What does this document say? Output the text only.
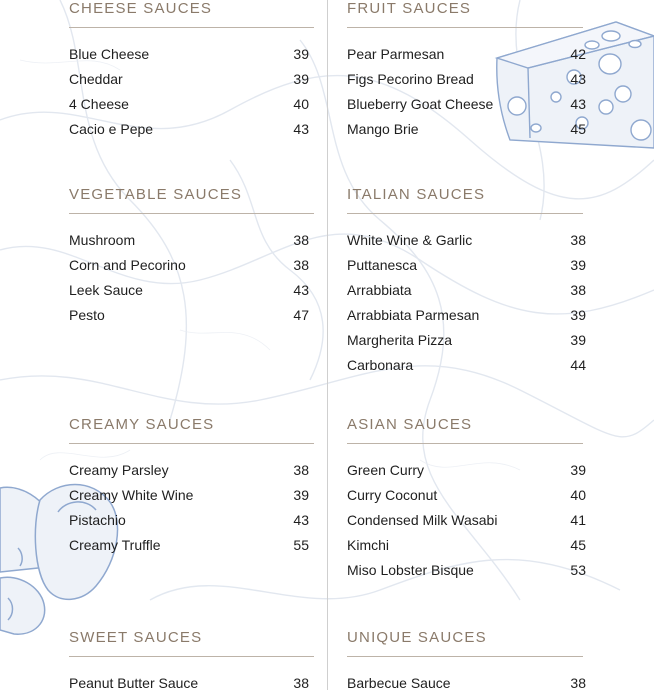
CHEESE SAUCES
Blue Cheese	39
Cheddar	39
4 Cheese	40
Cacio e Pepe	43
VEGETABLE SAUCES
Mushroom	38
Corn and Pecorino	38
Leek Sauce	43
Pesto	47
CREAMY SAUCES
Creamy Parsley	38
Creamy White Wine	39
Pistachio	43
Creamy Truffle	55
SWEET SAUCES
Peanut Butter Sauce	38
FRUIT SAUCES
Pear Parmesan	42
Figs Pecorino Bread	43
Blueberry Goat Cheese	43
Mango Brie	45
ITALIAN SAUCES
White Wine & Garlic	38
Puttanesca	39
Arrabbiata	38
Arrabbiata Parmesan	39
Margherita Pizza	39
Carbonara	44
ASIAN SAUCES
Green Curry	39
Curry Coconut	40
Condensed Milk Wasabi	41
Kimchi	45
Miso Lobster Bisque	53
UNIQUE SAUCES
Barbecue Sauce	38
